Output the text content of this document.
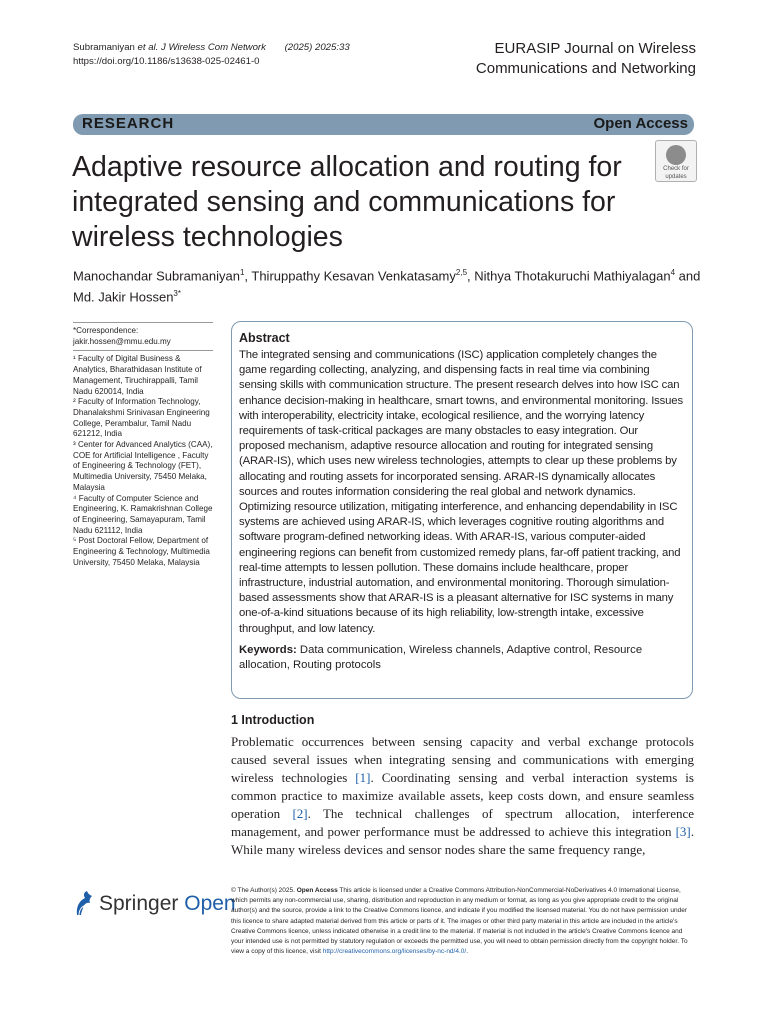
Subramaniyan et al. J Wireless Com Network (2025) 2025:33
https://doi.org/10.1186/s13638-025-02461-0
EURASIP Journal on Wireless
Communications and Networking
RESEARCH	Open Access
Adaptive resource allocation and routing for integrated sensing and communications for wireless technologies
Check for
updates
Manochandar Subramaniyan$^1$, Thiruppathy Kesavan Venkatasamy$^{2,5}$, Nithya Thotakuruchi Mathiyalagan$^4$ and Md. Jakir Hossen$^{3*}$

*Correspondence:

jakir.hossen@mmu.edu.my

¹ Faculty of Digital Business & Analytics, Bharathidasan Institute of Management, Tiruchirappalli, Tamil Nadu 620014, India

² Faculty of Information Technology, Dhanalakshmi Srinivasan Engineering College, Perambalur, Tamil Nadu 621212, India

³ Center for Advanced Analytics (CAA), COE for Artificial Intelligence , Faculty of Engineering & Technology (FET), Multimedia University, 75450 Melaka, Malaysia

⁴ Faculty of Computer Science and Engineering, K. Ramakrishnan College of Engineering, Samayapuram, Tamil Nadu 621112, India

⁵ Post Doctoral Fellow, Department of Engineering & Technology, Multimedia University, 75450 Melaka, Malaysia

Abstract
The integrated sensing and communications (ISC) application completely changes the game regarding collecting, analyzing, and dispensing facts in real time via combining sensing skills with communication structure. The present research delves into how ISC can enhance decision-making in healthcare, smart towns, and environmental monitoring. Issues with interoperability, electricity intake, ecological resilience, and the worrying latency requirements of task-critical packages are many obstacles to easy integration. Our proposed mechanism, adaptive resource allocation and routing for integrated sensing (ARAR-IS), which uses new wireless technologies, attempts to clear up these problems by allocating and routing assets for incorporated sensing. ARAR-IS dynamically allocates sources and routes information considering the real global and network dynamics. Optimizing resource utilization, mitigating interference, and enhancing dependability in ISC systems are achieved using ARAR-IS, which leverages cognitive routing algorithms and software program-defined networking ideas. With ARAR-IS, various computer-aided engineering regions can benefit from customized remedy plans, far-off patient tracking, and real-time attempts to lessen pollution. These domains include healthcare, proper infrastructure, industrial automation, and environmental monitoring. Thorough simulation-based assessments show that ARAR-IS is a pleasant alternative for ISC systems in many one-of-a-kind situations because of its high reliability, low-strength intake, excessive throughput, and low latency.
Keywords: Data communication, Wireless channels, Adaptive control, Resource allocation, Routing protocols
1 Introduction
Problematic occurrences between sensing capacity and verbal exchange protocols caused several issues when integrating sensing and communications with emerging wireless technologies [1]. Coordinating sensing and verbal interaction systems is common practice to maximize available assets, keep costs down, and ensure seamless operation [2]. The technical challenges of spectrum allocation, interference management, and power performance must be addressed to achieve this integration [3]. While many wireless devices and sensor nodes share the same frequency range,
Springer Open
© The Author(s) 2025. Open Access This article is licensed under a Creative Commons Attribution-NonCommercial-NoDerivatives 4.0 International License, which permits any non-commercial use, sharing, distribution and reproduction in any medium or format, as long as you give appropriate credit to the original author(s) and the source, provide a link to the Creative Commons licence, and indicate if you modified the licensed material. You do not have permission under this licence to share adapted material derived from this article or parts of it. The images or other third party material in this article are included in the article's Creative Commons licence, unless indicated otherwise in a credit line to the material. If material is not included in the article's Creative Commons licence and your intended use is not permitted by statutory regulation or exceeds the permitted use, you will need to obtain permission directly from the copyright holder. To view a copy of this licence, visit http://creativecommons.org/licenses/by-nc-nd/4.0/.
